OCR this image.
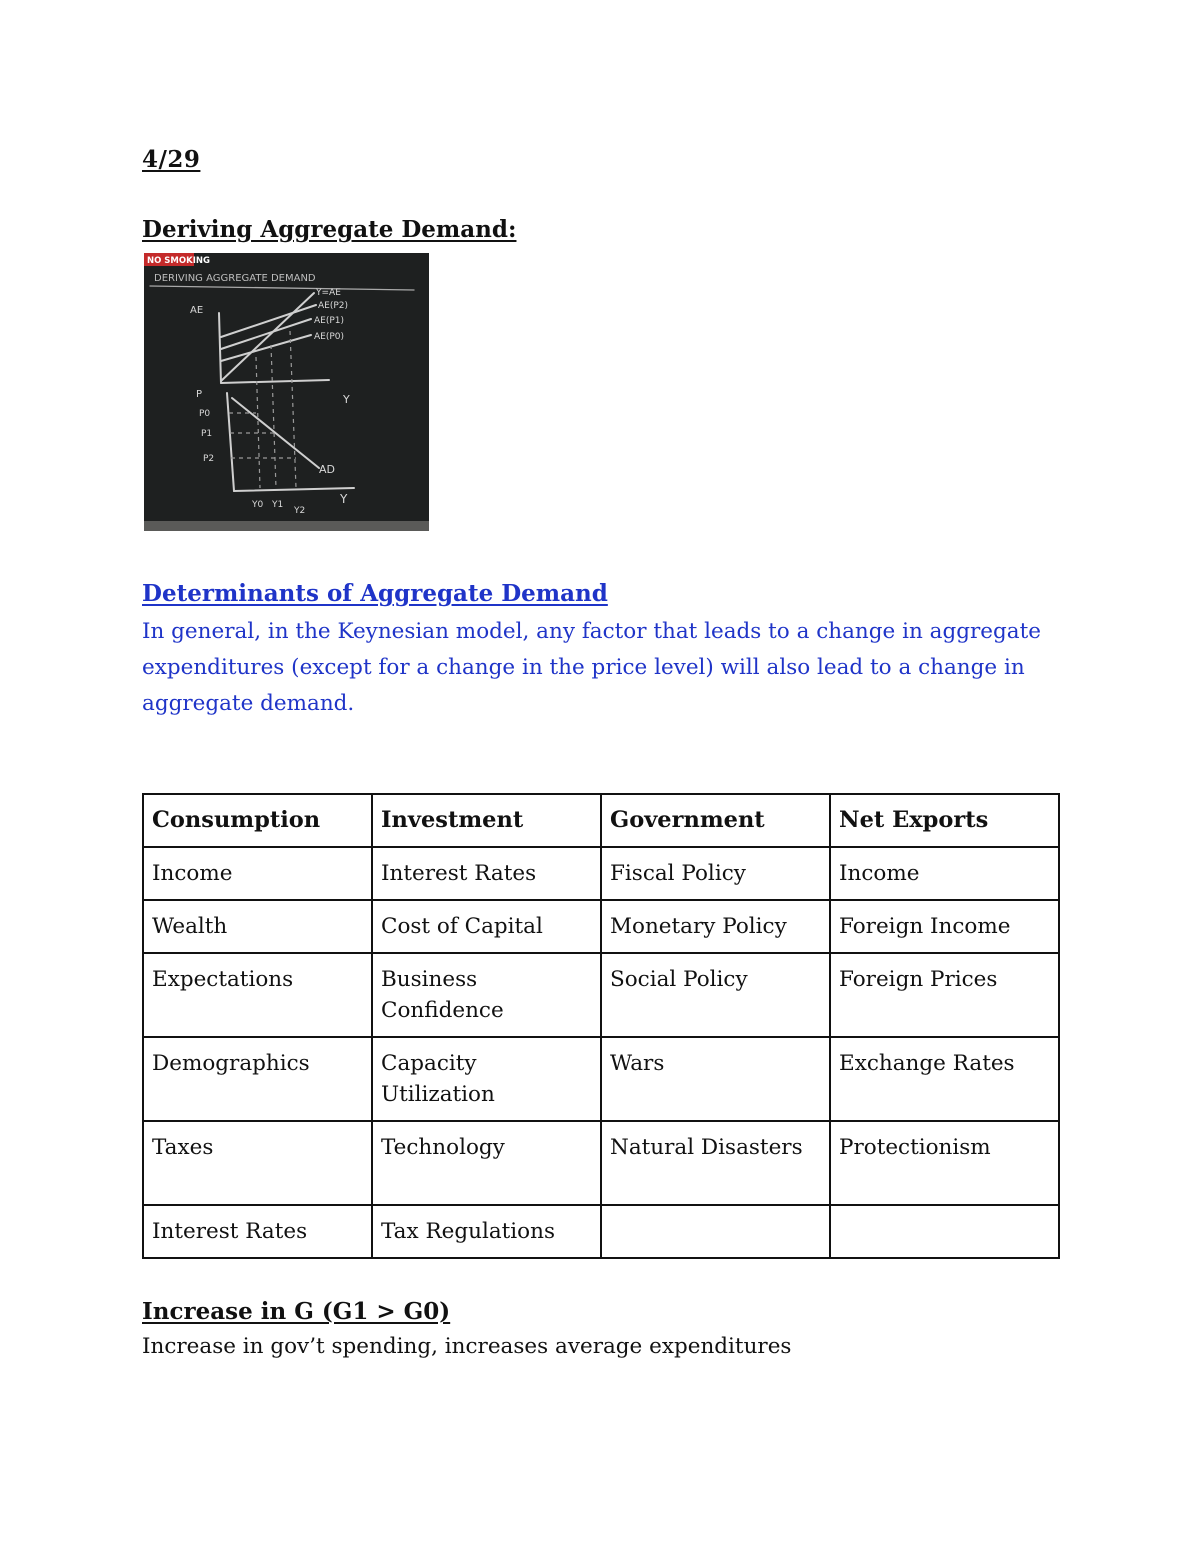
4/29
Deriving Aggregate Demand:
NO SMOKING
DERIVING AGGREGATE DEMAND
AE
Y=AE
AE(P2)
AE(P1)
AE(P0)
Y
P
P0
P1
P2
AD
Y0 Y1
Y2
Y
Determinants of Aggregate Demand
In general, in the Keynesian model, any factor that leads to a change in aggregate expenditures (except for a change in the price level) will also lead to a change in aggregate demand.
Consumption	Investment	Government	Net Exports
Income	Interest Rates	Fiscal Policy	Income
Wealth	Cost of Capital	Monetary Policy	Foreign Income
Expectations	Business Confidence	Social Policy	Foreign Prices
Demographics	Capacity Utilization	Wars	Exchange Rates
Taxes	Technology	Natural Disasters	Protectionism
Interest Rates	Tax Regulations		
Increase in G (G1 > G0)
Increase in gov’t spending, increases average expenditures
